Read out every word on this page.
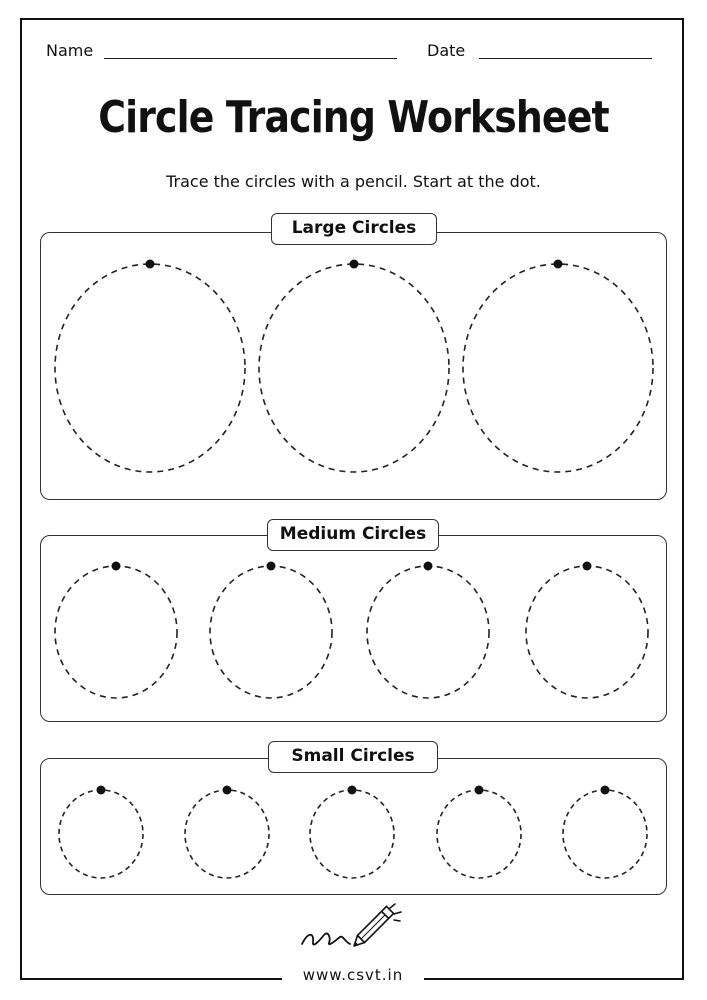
Name	Date
Circle Tracing Worksheet
Trace the circles with a pencil. Start at the dot.
Large Circles
Medium Circles
Small Circles
www.csvt.in
